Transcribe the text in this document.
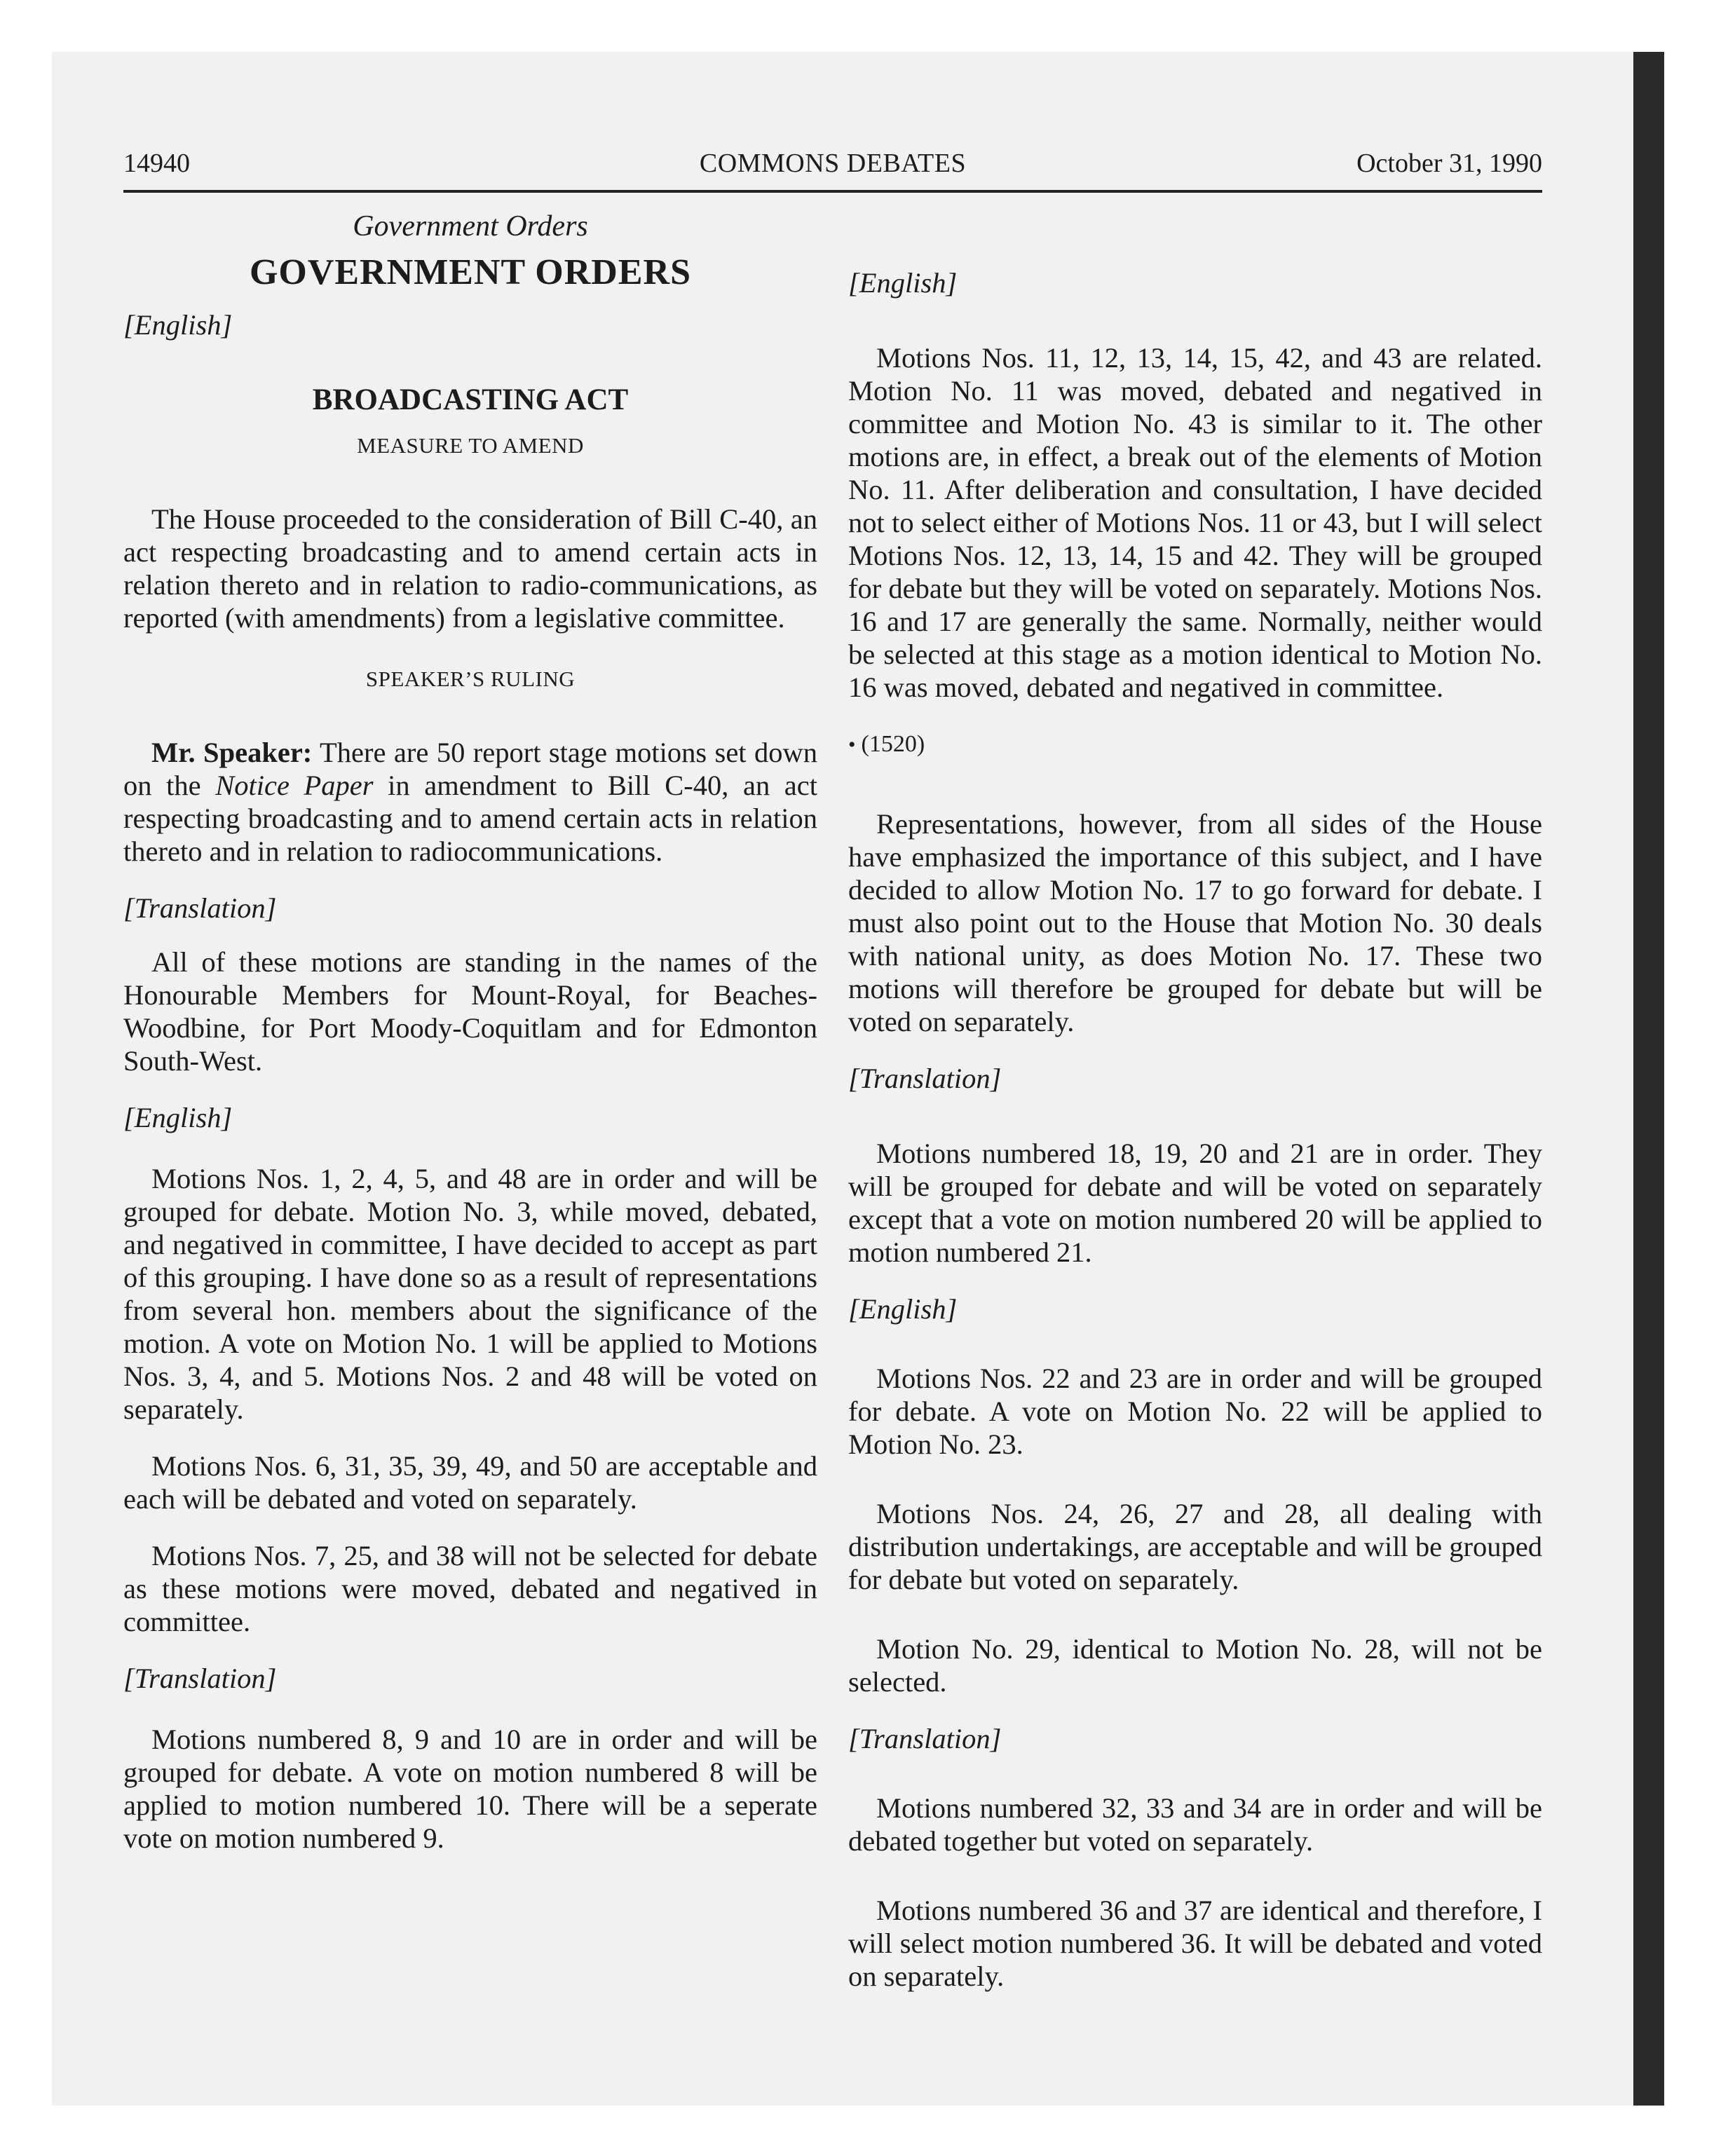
14940	COMMONS DEBATES	October 31, 1990
Government Orders
GOVERNMENT ORDERS

[English]

BROADCASTING ACT
MEASURE TO AMEND

The House proceeded to the consideration of Bill C-40, an act respecting broadcasting and to amend certain acts in relation thereto and in relation to radio-communications, as reported (with amendments) from a legislative committee.

SPEAKER’S RULING

Mr. Speaker: There are 50 report stage motions set down on the Notice Paper in amendment to Bill C-40, an act respecting broadcasting and to amend certain acts in relation thereto and in relation to radiocommunications.

[Translation]

All of these motions are standing in the names of the Honourable Members for Mount-Royal, for Beaches-Woodbine, for Port Moody-Coquitlam and for Edmonton South-West.

[English]

Motions Nos. 1, 2, 4, 5, and 48 are in order and will be grouped for debate. Motion No. 3, while moved, debated, and negatived in committee, I have decided to accept as part of this grouping. I have done so as a result of representations from several hon. members about the significance of the motion. A vote on Motion No. 1 will be applied to Motions Nos. 3, 4, and 5. Motions Nos. 2 and 48 will be voted on separately.

Motions Nos. 6, 31, 35, 39, 49, and 50 are acceptable and each will be debated and voted on separately.

Motions Nos. 7, 25, and 38 will not be selected for debate as these motions were moved, debated and negatived in committee.

[Translation]

Motions numbered 8, 9 and 10 are in order and will be grouped for debate. A vote on motion numbered 8 will be applied to motion numbered 10. There will be a seperate vote on motion numbered 9.

[English]

Motions Nos. 11, 12, 13, 14, 15, 42, and 43 are related. Motion No. 11 was moved, debated and negatived in committee and Motion No. 43 is similar to it. The other motions are, in effect, a break out of the elements of Motion No. 11. After deliberation and consultation, I have decided not to select either of Motions Nos. 11 or 43, but I will select Motions Nos. 12, 13, 14, 15 and 42. They will be grouped for debate but they will be voted on separately. Motions Nos. 16 and 17 are generally the same. Normally, neither would be selected at this stage as a motion identical to Motion No. 16 was moved, debated and negatived in committee.

• (1520)

Representations, however, from all sides of the House have emphasized the importance of this subject, and I have decided to allow Motion No. 17 to go forward for debate. I must also point out to the House that Motion No. 30 deals with national unity, as does Motion No. 17. These two motions will therefore be grouped for debate but will be voted on separately.

[Translation]

Motions numbered 18, 19, 20 and 21 are in order. They will be grouped for debate and will be voted on separately except that a vote on motion numbered 20 will be applied to motion numbered 21.

[English]

Motions Nos. 22 and 23 are in order and will be grouped for debate. A vote on Motion No. 22 will be applied to Motion No. 23.

Motions Nos. 24, 26, 27 and 28, all dealing with distribution undertakings, are acceptable and will be grouped for debate but voted on separately.

Motion No. 29, identical to Motion No. 28, will not be selected.

[Translation]

Motions numbered 32, 33 and 34 are in order and will be debated together but voted on separately.

Motions numbered 36 and 37 are identical and therefore, I will select motion numbered 36. It will be debated and voted on separately.
